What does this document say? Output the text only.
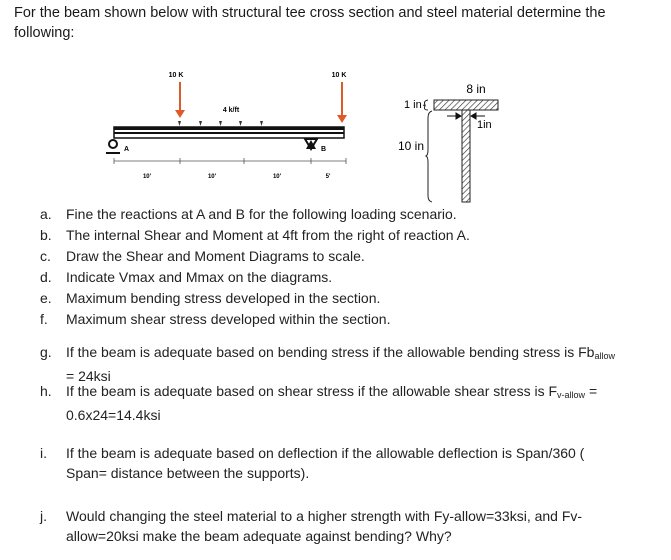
For the beam shown below with structural tee cross section and steel material determine the
following:
10 K	10 K
4 k/ft
A	B
10'	10'	10'	5'
8 in
1 in
1in
10 in
a. Fine the reactions at A and B for the following loading scenario.
b. The internal Shear and Moment at 4ft from the right of reaction A.
c. Draw the Shear and Moment Diagrams to scale.
d. Indicate Vmax and Mmax on the diagrams.
e. Maximum bending stress developed in the section.
f. Maximum shear stress developed within the section.
g. If the beam is adequate based on bending stress if the allowable bending stress is $Fb_{allow}$
= 24ksi
h. If the beam is adequate based on shear stress if the allowable shear stress is $F_{v-allow}$ =
0.6x24=14.4ksi
i. If the beam is adequate based on deflection if the allowable deflection is Span/360 (
Span= distance between the supports).
j. Would changing the steel material to a higher strength with Fy-allow=33ksi, and Fv-
allow=20ksi make the beam adequate against bending? Why?
